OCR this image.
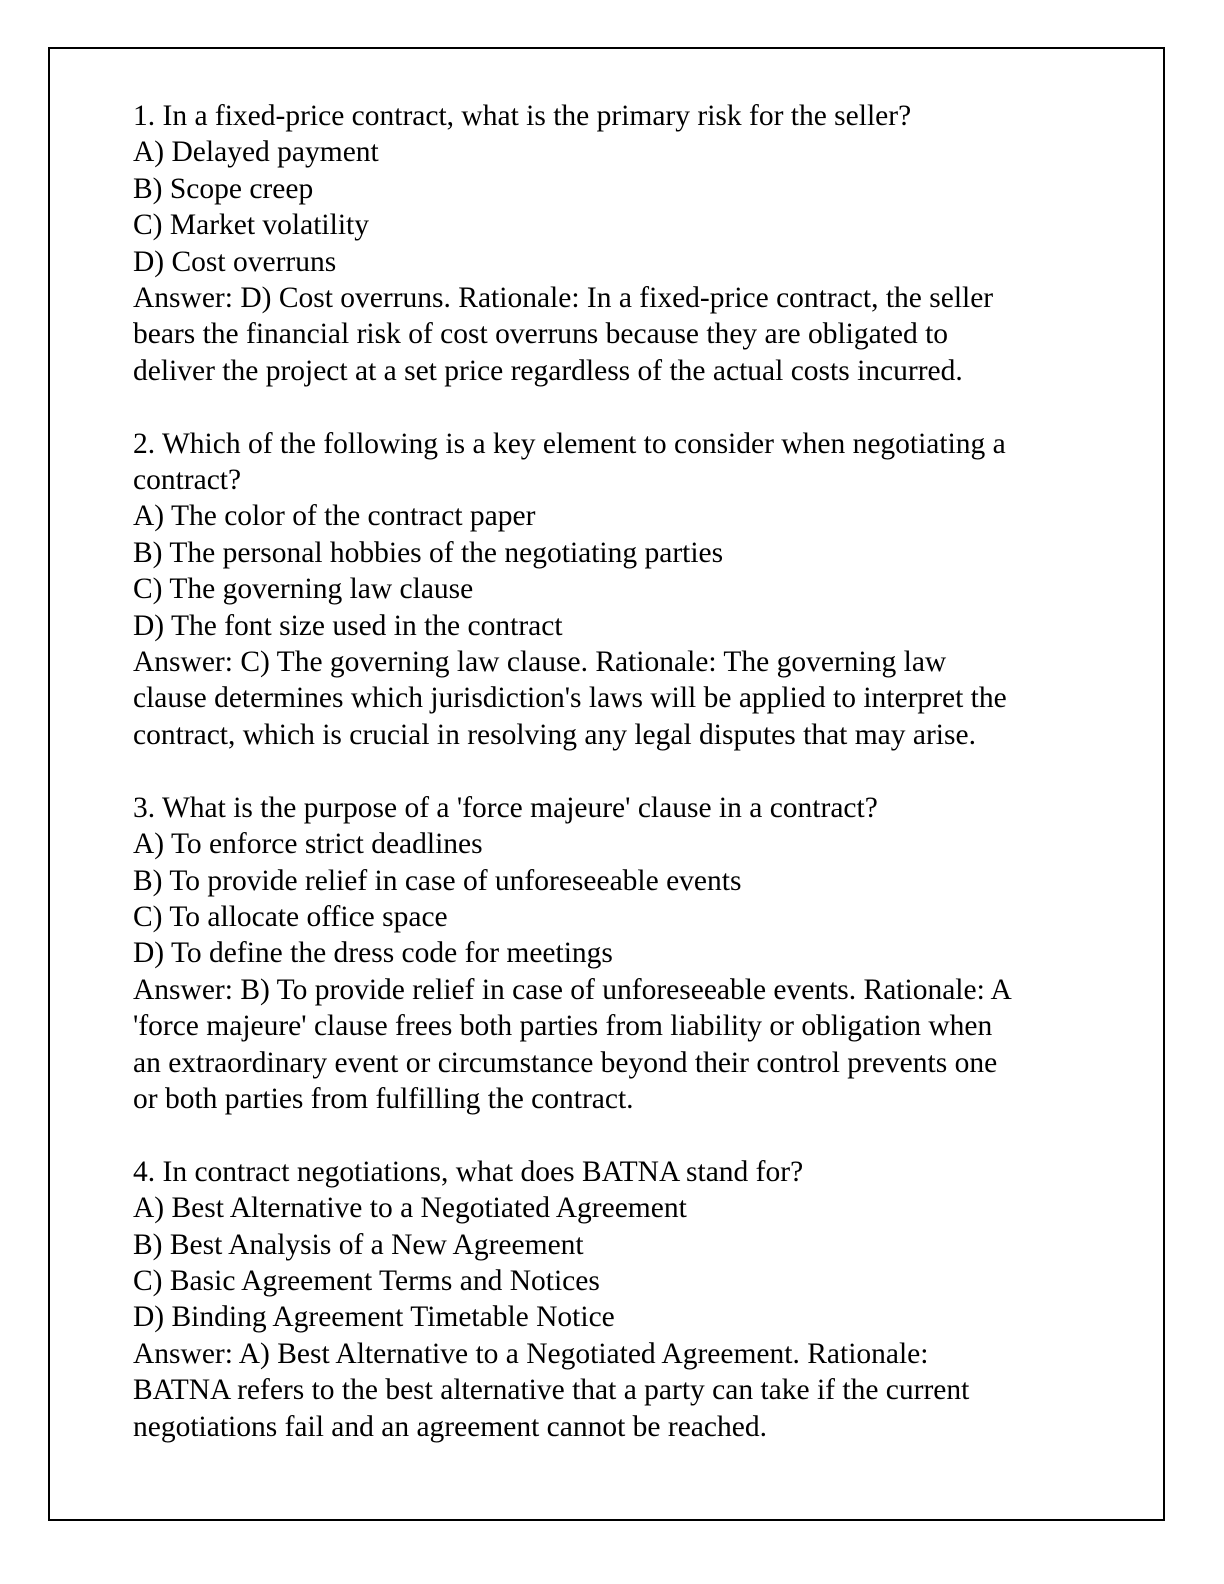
1. In a fixed-price contract, what is the primary risk for the seller?
A) Delayed payment
B) Scope creep
C) Market volatility
D) Cost overruns
Answer: D) Cost overruns. Rationale: In a fixed-price contract, the seller
bears the financial risk of cost overruns because they are obligated to
deliver the project at a set price regardless of the actual costs incurred.
2. Which of the following is a key element to consider when negotiating a
contract?
A) The color of the contract paper
B) The personal hobbies of the negotiating parties
C) The governing law clause
D) The font size used in the contract
Answer: C) The governing law clause. Rationale: The governing law
clause determines which jurisdiction's laws will be applied to interpret the
contract, which is crucial in resolving any legal disputes that may arise.
3. What is the purpose of a 'force majeure' clause in a contract?
A) To enforce strict deadlines
B) To provide relief in case of unforeseeable events
C) To allocate office space
D) To define the dress code for meetings
Answer: B) To provide relief in case of unforeseeable events. Rationale: A
'force majeure' clause frees both parties from liability or obligation when
an extraordinary event or circumstance beyond their control prevents one
or both parties from fulfilling the contract.
4. In contract negotiations, what does BATNA stand for?
A) Best Alternative to a Negotiated Agreement
B) Best Analysis of a New Agreement
C) Basic Agreement Terms and Notices
D) Binding Agreement Timetable Notice
Answer: A) Best Alternative to a Negotiated Agreement. Rationale:
BATNA refers to the best alternative that a party can take if the current
negotiations fail and an agreement cannot be reached.
